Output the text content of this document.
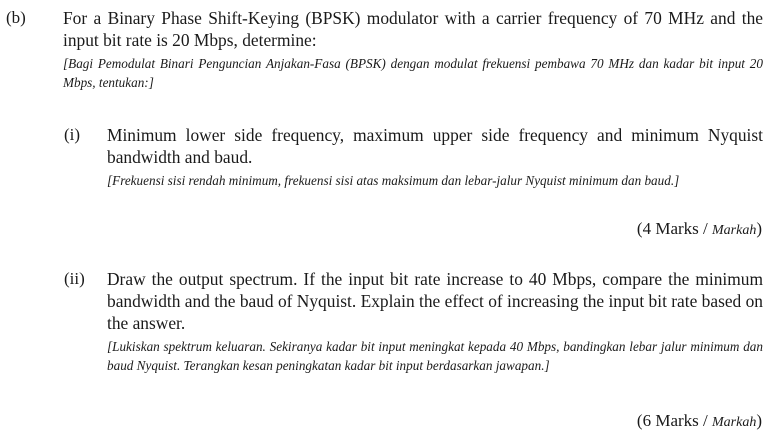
(b) For a Binary Phase Shift-Keying (BPSK) modulator with a carrier frequency of 70 MHz and the input bit rate is 20 Mbps, determine:
[Bagi Pemodulat Binari Penguncian Anjakan-Fasa (BPSK) dengan modulat frekuensi pembawa 70 MHz dan kadar bit input 20 Mbps, tentukan:]
(i) Minimum lower side frequency, maximum upper side frequency and minimum Nyquist bandwidth and baud.
[Frekuensi sisi rendah minimum, frekuensi sisi atas maksimum dan lebar-jalur Nyquist minimum dan baud.]
(4 Marks / Markah)
(ii) Draw the output spectrum. If the input bit rate increase to 40 Mbps, compare the minimum bandwidth and the baud of Nyquist. Explain the effect of increasing the input bit rate based on the answer.
[Lukiskan spektrum keluaran. Sekiranya kadar bit input meningkat kepada 40 Mbps, bandingkan lebar jalur minimum dan baud Nyquist. Terangkan kesan peningkatan kadar bit input berdasarkan jawapan.]
(6 Marks / Markah)
